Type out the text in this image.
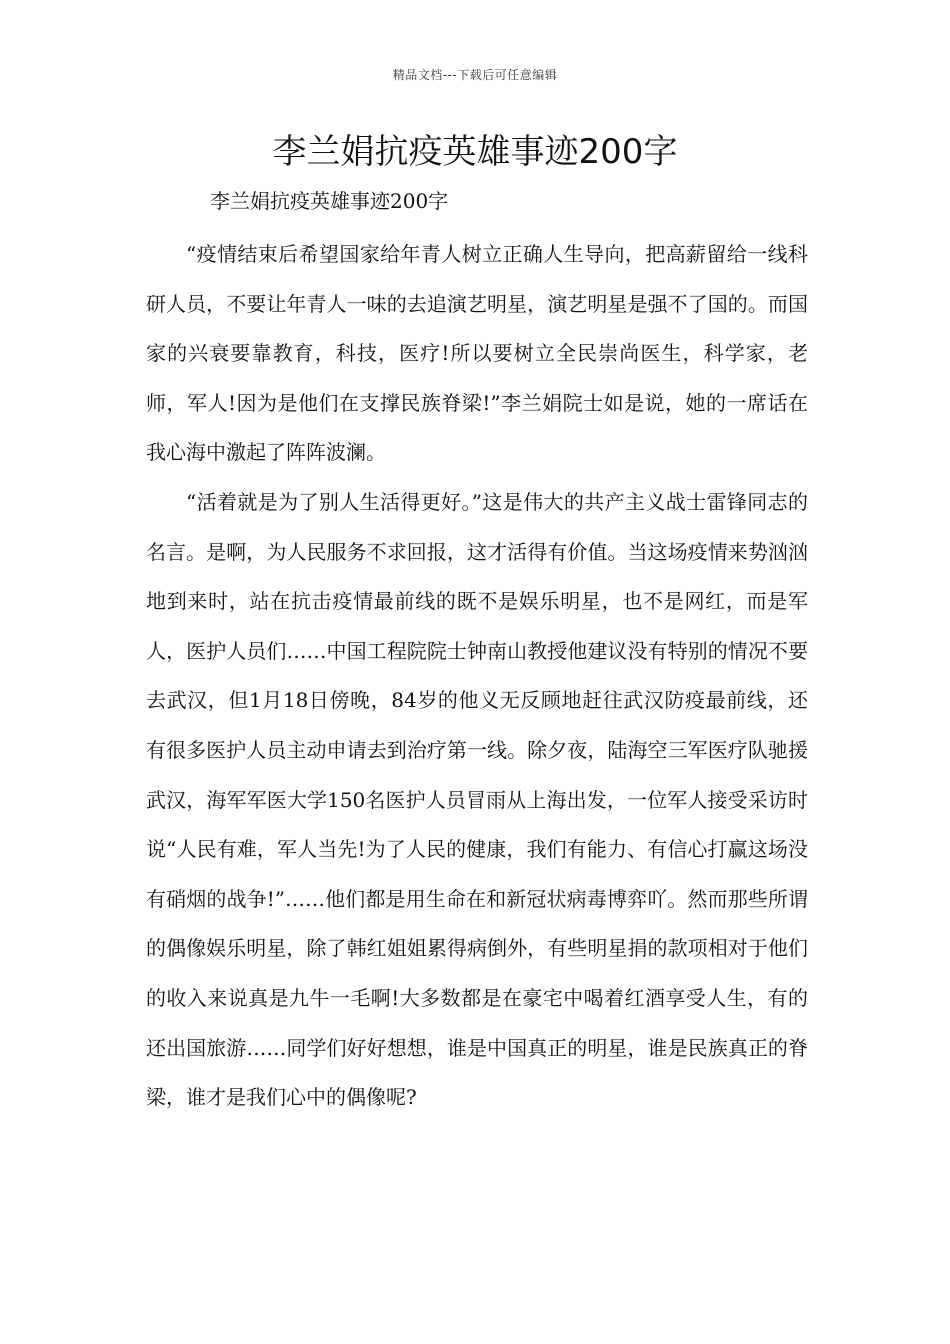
精品文档---下载后可任意编辑
李兰娟抗疫英雄事迹200字
李兰娟抗疫英雄事迹200字

“疫情结束后希望国家给年青人树立正确人生导向，把高薪留给一线科研人员，不要让年青人一味的去追演艺明星，演艺明星是强不了国的。而国家的兴衰要靠教育，科技，医疗!所以要树立全民崇尚医生，科学家，老师，军人!因为是他们在支撑民族脊梁!”李兰娟院士如是说，她的一席话在我心海中激起了阵阵波澜。

“活着就是为了别人生活得更好。”这是伟大的共产主义战士雷锋同志的名言。是啊，为人民服务不求回报，这才活得有价值。当这场疫情来势汹汹地到来时，站在抗击疫情最前线的既不是娱乐明星，也不是网红，而是军人，医护人员们……中国工程院院士钟南山教授他建议没有特别的情况不要去武汉，但1月18日傍晚，84岁的他义无反顾地赶往武汉防疫最前线，还有很多医护人员主动申请去到治疗第一线。除夕夜，陆海空三军医疗队驰援武汉，海军军医大学150名医护人员冒雨从上海出发，一位军人接受采访时说“人民有难，军人当先!为了人民的健康，我们有能力、有信心打赢这场没有硝烟的战争!”……他们都是用生命在和新冠状病毒博弈吖。然而那些所谓的偶像娱乐明星，除了韩红姐姐累得病倒外，有些明星捐的款项相对于他们的收入来说真是九牛一毛啊!大多数都是在豪宅中喝着红酒享受人生，有的还出国旅游……同学们好好想想，谁是中国真正的明星，谁是民族真正的脊梁，谁才是我们心中的偶像呢?
